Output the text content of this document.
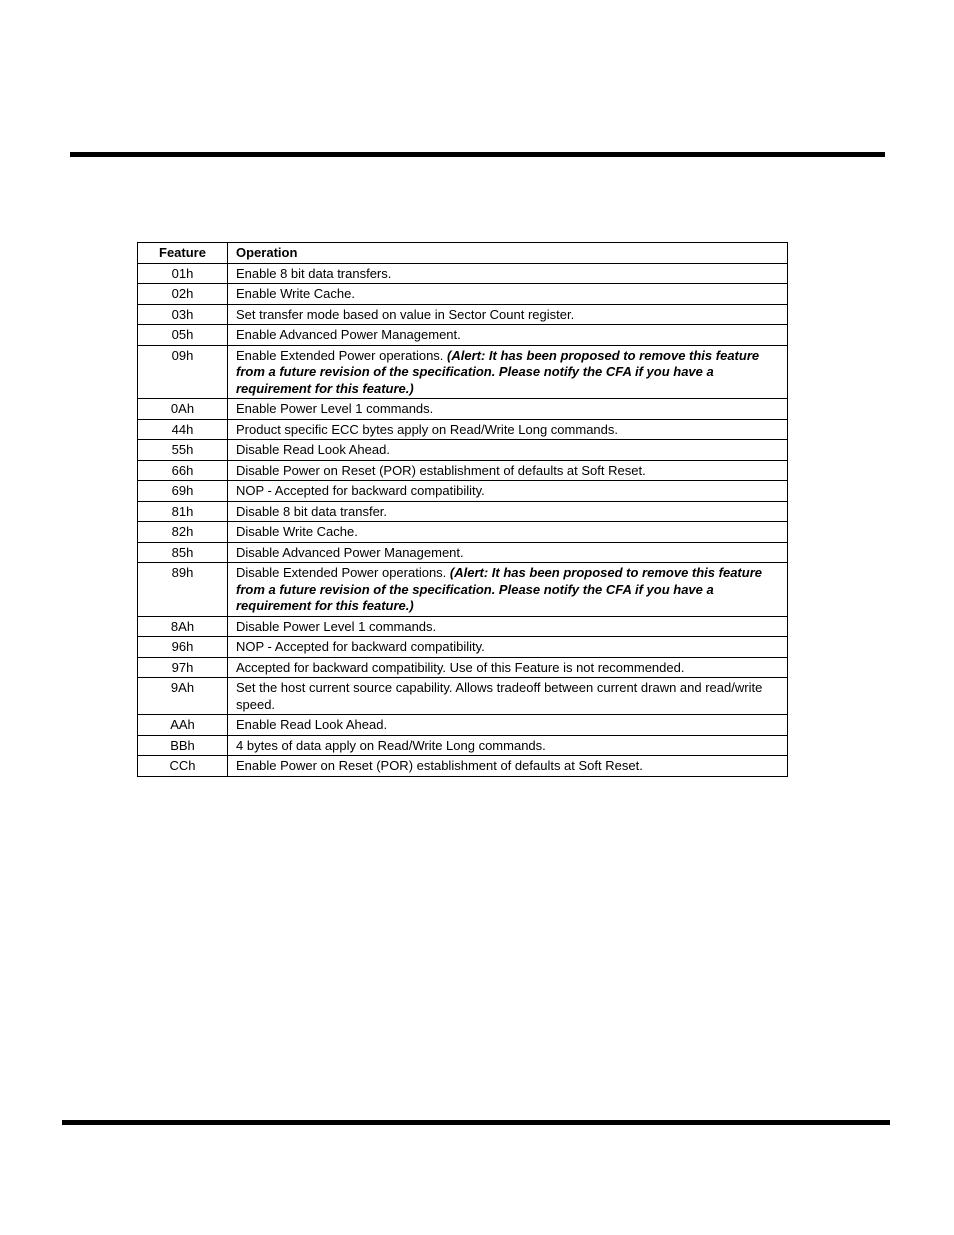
Feature	Operation
01h	Enable 8 bit data transfers.
02h	Enable Write Cache.
03h	Set transfer mode based on value in Sector Count register.
05h	Enable Advanced Power Management.
09h	Enable Extended Power operations. (Alert: It has been proposed to remove this feature from a future revision of the specification. Please notify the CFA if you have a requirement for this feature.)
0Ah	Enable Power Level 1 commands.
44h	Product specific ECC bytes apply on Read/Write Long commands.
55h	Disable Read Look Ahead.
66h	Disable Power on Reset (POR) establishment of defaults at Soft Reset.
69h	NOP - Accepted for backward compatibility.
81h	Disable 8 bit data transfer.
82h	Disable Write Cache.
85h	Disable Advanced Power Management.
89h	Disable Extended Power operations. (Alert: It has been proposed to remove this feature from a future revision of the specification. Please notify the CFA if you have a requirement for this feature.)
8Ah	Disable Power Level 1 commands.
96h	NOP - Accepted for backward compatibility.
97h	Accepted for backward compatibility. Use of this Feature is not recommended.
9Ah	Set the host current source capability. Allows tradeoff between current drawn and read/write speed.
AAh	Enable Read Look Ahead.
BBh	4 bytes of data apply on Read/Write Long commands.
CCh	Enable Power on Reset (POR) establishment of defaults at Soft Reset.
